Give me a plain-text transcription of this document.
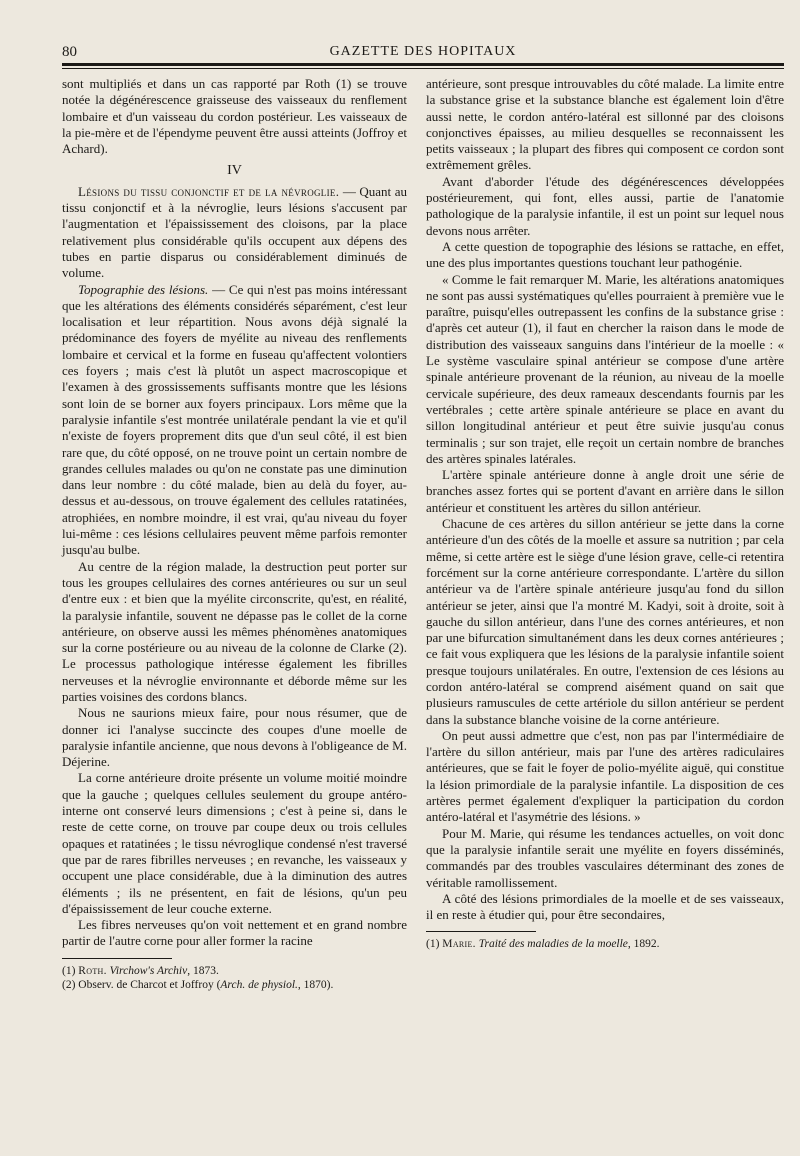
80	GAZETTE DES HOPITAUX

sont multipliés et dans un cas rapporté par Roth (1) se trouve notée la dégénérescence graisseuse des vaisseaux du renflement lombaire et d'un vaisseau du cordon postérieur. Les vaisseaux de la pie-mère et de l'épendyme peuvent être aussi atteints (Joffroy et Achard).

IV

Lésions du tissu conjonctif et de la névroglie. — Quant au tissu conjonctif et à la névroglie, leurs lésions s'accusent par l'augmentation et l'épaississement des cloisons, par la place relativement plus considérable qu'ils occupent aux dépens des tubes en partie disparus ou considérablement diminués de volume.

Topographie des lésions. — Ce qui n'est pas moins intéressant que les altérations des éléments considérés séparément, c'est leur localisation et leur répartition. Nous avons déjà signalé la prédominance des foyers de myélite au niveau des renflements lombaire et cervical et la forme en fuseau qu'affectent volontiers ces foyers ; mais c'est là plutôt un aspect macroscopique et l'examen à des grossissements suffisants montre que les lésions sont loin de se borner aux foyers principaux. Lors même que la paralysie infantile s'est montrée unilatérale pendant la vie et qu'il n'existe de foyers proprement dits que d'un seul côté, il est bien rare que, du côté opposé, on ne trouve point un certain nombre de grandes cellules malades ou qu'on ne constate pas une diminution dans leur nombre : du côté malade, bien au delà du foyer, au-dessus et au-dessous, on trouve également des cellules ratatinées, atrophiées, en nombre moindre, il est vrai, qu'au niveau du foyer lui-même : ces lésions cellulaires peuvent même parfois remonter jusqu'au bulbe.

Au centre de la région malade, la destruction peut porter sur tous les groupes cellulaires des cornes antérieures ou sur un seul d'entre eux : et bien que la myélite circonscrite, qu'est, en réalité, la paralysie infantile, souvent ne dépasse pas le collet de la corne antérieure, on observe aussi les mêmes phénomènes anatomiques sur la corne postérieure ou au niveau de la colonne de Clarke (2). Le processus pathologique intéresse également les fibrilles nerveuses et la névroglie environnante et déborde même sur les parties voisines des cordons blancs.

Nous ne saurions mieux faire, pour nous résumer, que de donner ici l'analyse succincte des coupes d'une moelle de paralysie infantile ancienne, que nous devons à l'obligeance de M. Déjerine.

La corne antérieure droite présente un volume moitié moindre que la gauche ; quelques cellules seulement du groupe antéro-interne ont conservé leurs dimensions ; c'est à peine si, dans le reste de cette corne, on trouve par coupe deux ou trois cellules opaques et ratatinées ; le tissu névroglique condensé n'est traversé que par de rares fibrilles nerveuses ; en revanche, les vaisseaux y occupent une place considérable, due à la diminution des autres éléments ; ils ne présentent, en fait de lésions, qu'un peu d'épaississement de leur couche externe.

Les fibres nerveuses qu'on voit nettement et en grand nombre partir de l'autre corne pour aller former la racine

(1) Roth. Virchow's Archiv, 1873.

(2) Observ. de Charcot et Joffroy (Arch. de physiol., 1870).

antérieure, sont presque introuvables du côté malade. La limite entre la substance grise et la substance blanche est également loin d'être aussi nette, le cordon antéro-latéral est sillonné par des cloisons conjonctives épaisses, au milieu desquelles se reconnaissent les petits vaisseaux ; la plupart des fibres qui composent ce cordon sont extrêmement grêles.

Avant d'aborder l'étude des dégénérescences développées postérieurement, qui font, elles aussi, partie de l'anatomie pathologique de la paralysie infantile, il est un point sur lequel nous devons nous arrêter.

A cette question de topographie des lésions se rattache, en effet, une des plus importantes questions touchant leur pathogénie.

« Comme le fait remarquer M. Marie, les altérations anatomiques ne sont pas aussi systématiques qu'elles pourraient à première vue le paraître, puisqu'elles outrepassent les confins de la substance grise : d'après cet auteur (1), il faut en chercher la raison dans le mode de distribution des vaisseaux sanguins dans l'intérieur de la moelle : « Le système vasculaire spinal antérieur se compose d'une artère spinale antérieure provenant de la réunion, au niveau de la moelle cervicale supérieure, des deux rameaux descendants fournis par les vertébrales ; cette artère spinale antérieure se place en avant du sillon longitudinal antérieur et peut être suivie jusqu'au conus terminalis ; sur son trajet, elle reçoit un certain nombre de branches des artères spinales latérales.

L'artère spinale antérieure donne à angle droit une série de branches assez fortes qui se portent d'avant en arrière dans le sillon antérieur et constituent les artères du sillon antérieur.

Chacune de ces artères du sillon antérieur se jette dans la corne antérieure d'un des côtés de la moelle et assure sa nutrition ; par cela même, si cette artère est le siège d'une lésion grave, celle-ci retentira forcément sur la corne antérieure correspondante. L'artère du sillon antérieur va de l'artère spinale antérieure jusqu'au fond du sillon antérieur se jeter, ainsi que l'a montré M. Kadyi, soit à droite, soit à gauche du sillon antérieur, dans l'une des cornes antérieures, et non par une bifurcation simultanément dans les deux cornes antérieures ; ce fait vous expliquera que les lésions de la paralysie infantile soient presque toujours unilatérales. En outre, l'extension de ces lésions au cordon antéro-latéral se comprend aisément quand on sait que plusieurs ramuscules de cette artériole du sillon antérieur se perdent dans la substance blanche voisine de la corne antérieure.

On peut aussi admettre que c'est, non pas par l'intermédiaire de l'artère du sillon antérieur, mais par l'une des artères radiculaires antérieures, que se fait le foyer de polio-myélite aiguë, qui constitue la lésion primordiale de la paralysie infantile. La disposition de ces artères permet également d'expliquer la participation du cordon antéro-latéral et l'asymétrie des lésions. »

Pour M. Marie, qui résume les tendances actuelles, on voit donc que la paralysie infantile serait une myélite en foyers disséminés, commandés par des troubles vasculaires déterminant des zones de véritable ramollissement.

A côté des lésions primordiales de la moelle et de ses vaisseaux, il en reste à étudier qui, pour être secondaires,

(1) Marie. Traité des maladies de la moelle, 1892.
